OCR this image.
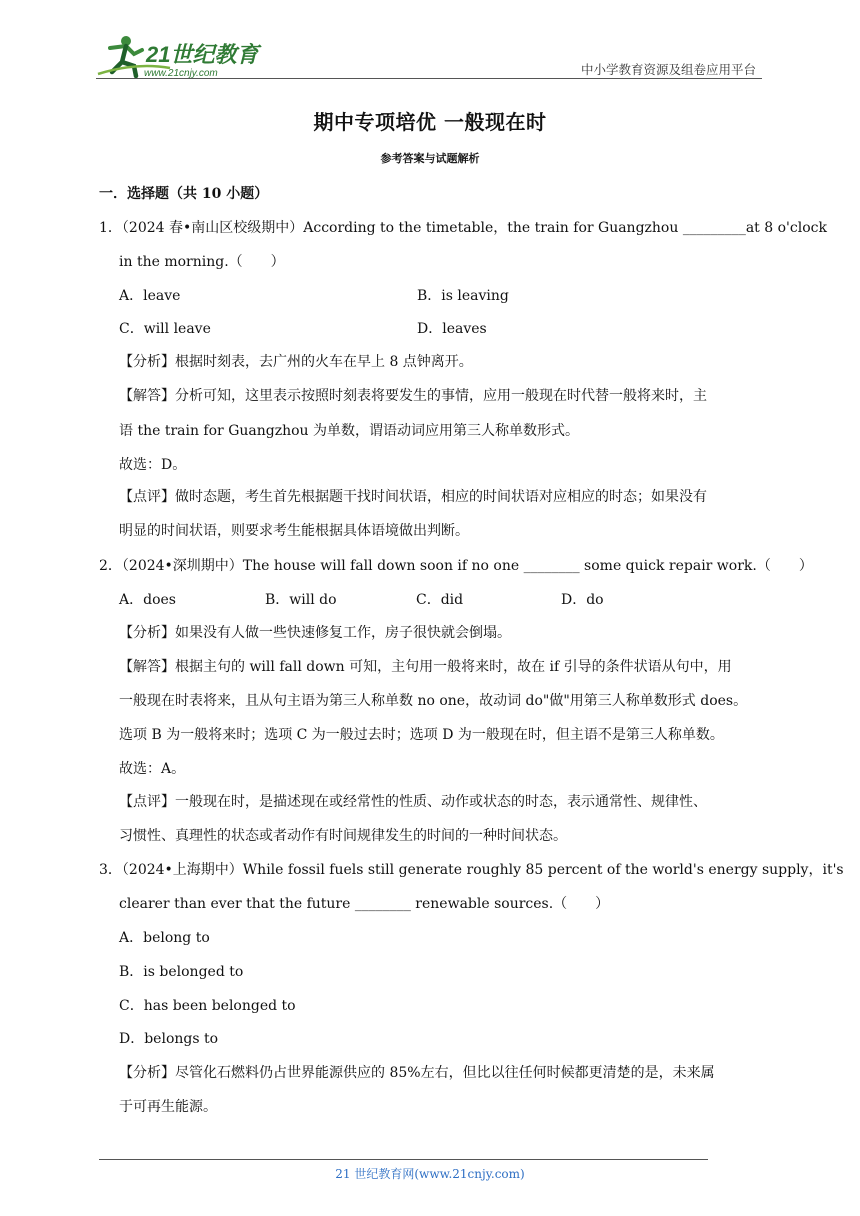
21世纪教育
www.21cnjy.com	中小学教育资源及组卷应用平台
期中专项培优 一般现在时
参考答案与试题解析
一．选择题（共 10 小题）
1．（2024 春•南山区校级期中）According to the timetable，the train for Guangzhou _________at 8 o'clock
in the morning.（　　）
A．leave	B．is leaving
C．will leave	D．leaves
【分析】根据时刻表，去广州的火车在早上 8 点钟离开。
【解答】分析可知，这里表示按照时刻表将要发生的事情，应用一般现在时代替一般将来时，主
语 the train for Guangzhou 为单数，谓语动词应用第三人称单数形式。
故选：D。
【点评】做时态题，考生首先根据题干找时间状语，相应的时间状语对应相应的时态；如果没有
明显的时间状语，则要求考生能根据具体语境做出判断。
2．（2024•深圳期中）The house will fall down soon if no one ________ some quick repair work.（　　）
A．does	B．will do	C．did	D．do
【分析】如果没有人做一些快速修复工作，房子很快就会倒塌。
【解答】根据主句的 will fall down 可知，主句用一般将来时，故在 if 引导的条件状语从句中，用
一般现在时表将来，且从句主语为第三人称单数 no one，故动词 do"做"用第三人称单数形式 does。
选项 B 为一般将来时；选项 C 为一般过去时；选项 D 为一般现在时，但主语不是第三人称单数。
故选：A。
【点评】一般现在时，是描述现在或经常性的性质、动作或状态的时态，表示通常性、规律性、
习惯性、真理性的状态或者动作有时间规律发生的时间的一种时间状态。
3．（2024•上海期中）While fossil fuels still generate roughly 85 percent of the world's energy supply，it's
clearer than ever that the future ________ renewable sources.（　　）
A．belong to
B．is belonged to
C．has been belonged to
D．belongs to
【分析】尽管化石燃料仍占世界能源供应的 85%左右，但比以往任何时候都更清楚的是，未来属
于可再生能源。
21 世纪教育网(www.21cnjy.com)
